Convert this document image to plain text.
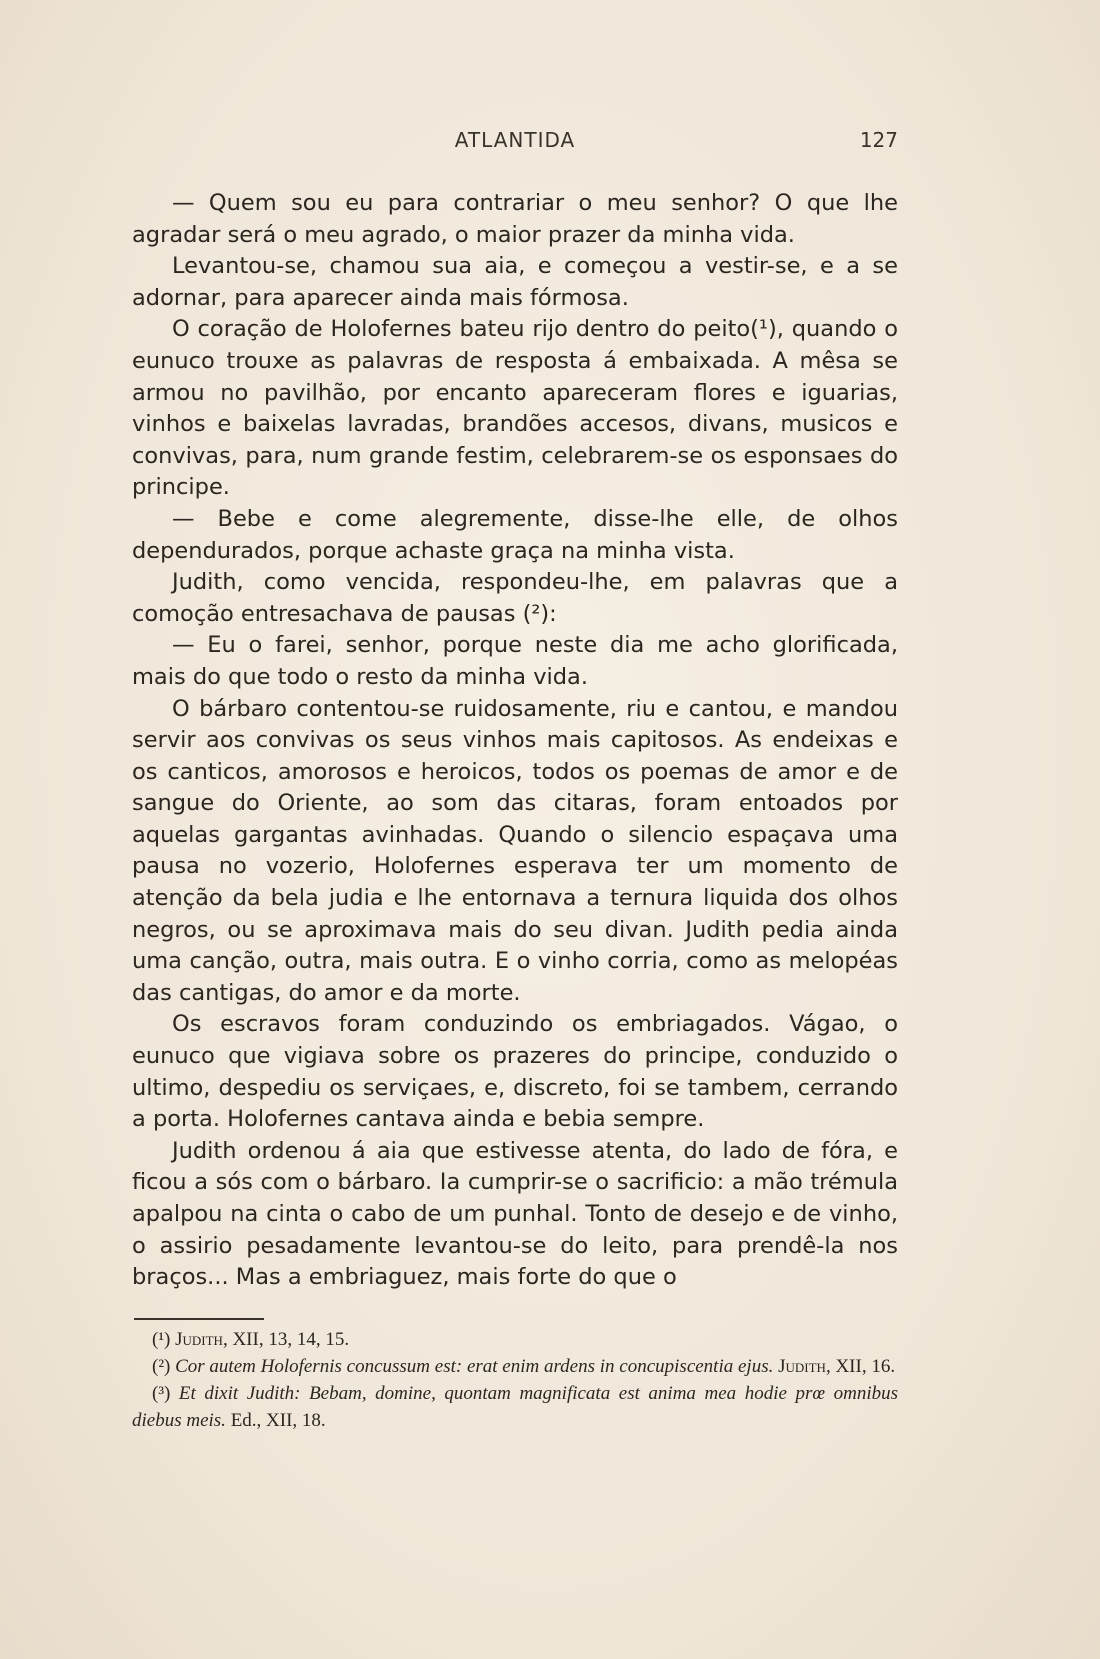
ATLANTIDA	127

— Quem sou eu para contrariar o meu senhor? O que lhe agradar será o meu agrado, o maior prazer da minha vida.

Levantou-se, chamou sua aia, e começou a vestir-se, e a se adornar, para aparecer ainda mais fórmosa.

O coração de Holofernes bateu rijo dentro do peito(¹), quando o eunuco trouxe as palavras de resposta á embaixada. A mêsa se armou no pavilhão, por encanto apareceram flores e iguarias, vinhos e baixelas lavradas, brandões accesos, divans, musicos e convivas, para, num grande festim, celebrarem-se os esponsaes do principe.

— Bebe e come alegremente, disse-lhe elle, de olhos dependurados, porque achaste graça na minha vista.

Judith, como vencida, respondeu-lhe, em palavras que a comoção entresachava de pausas (²):

— Eu o farei, senhor, porque neste dia me acho glorificada, mais do que todo o resto da minha vida.

O bárbaro contentou-se ruidosamente, riu e cantou, e mandou servir aos convivas os seus vinhos mais capitosos. As endeixas e os canticos, amorosos e heroicos, todos os poemas de amor e de sangue do Oriente, ao som das citaras, foram entoados por aquelas gargantas avinhadas. Quando o silencio espaçava uma pausa no vozerio, Holofernes esperava ter um momento de atenção da bela judia e lhe entornava a ternura liquida dos olhos negros, ou se aproximava mais do seu divan. Judith pedia ainda uma canção, outra, mais outra. E o vinho corria, como as melopéas das cantigas, do amor e da morte.

Os escravos foram conduzindo os embriagados. Vágao, o eunuco que vigiava sobre os prazeres do principe, conduzido o ultimo, despediu os serviçaes, e, discreto, foi se tambem, cerrando a porta. Holofernes cantava ainda e bebia sempre.

Judith ordenou á aia que estivesse atenta, do lado de fóra, e ficou a sós com o bárbaro. Ia cumprir-se o sacrificio: a mão trémula apalpou na cinta o cabo de um punhal. Tonto de desejo e de vinho, o assirio pesadamente levantou-se do leito, para prendê-la nos braços... Mas a embriaguez, mais forte do que o

(¹) Judith, XII, 13, 14, 15.

(²) Cor autem Holofernis concussum est: erat enim ardens in concupiscentia ejus. Judith, XII, 16.

(³) Et dixit Judith: Bebam, domine, quontam magnificata est anima mea hodie prœ omnibus diebus meis. Ed., XII, 18.
